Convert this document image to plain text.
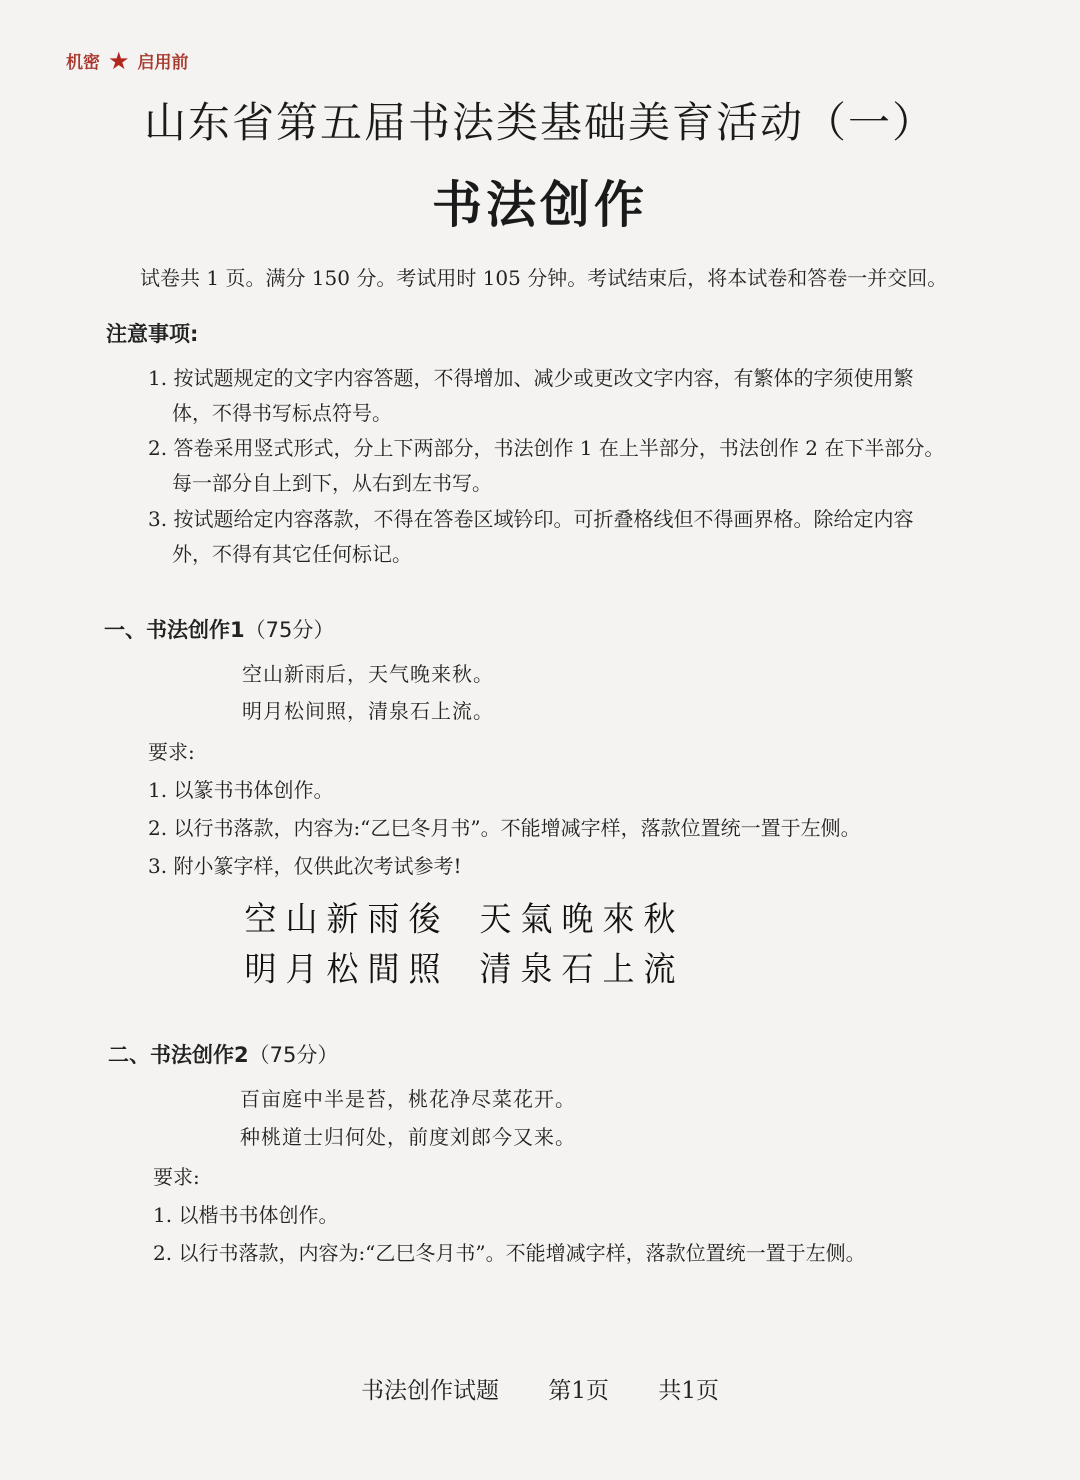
机密 ★ 启用前
山东省第五届书法类基础美育活动（一）
书法创作
试卷共 1 页。满分 150 分。考试用时 105 分钟。考试结束后，将本试卷和答卷一并交回。
注意事项:
1. 按试题规定的文字内容答题，不得增加、减少或更改文字内容，有繁体的字须使用繁
体，不得书写标点符号。
2. 答卷采用竖式形式，分上下两部分，书法创作 1 在上半部分，书法创作 2 在下半部分。
每一部分自上到下，从右到左书写。
3. 按试题给定内容落款，不得在答卷区域钤印。可折叠格线但不得画界格。除给定内容
外，不得有其它任何标记。
一、书法创作1（75分）
空山新雨后，天气晚来秋。
明月松间照，清泉石上流。
要求:
1. 以篆书书体创作。
2. 以行书落款，内容为:“乙巳冬月书”。不能增减字样，落款位置统一置于左侧。
3. 附小篆字样，仅供此次考试参考!
空 山 新 雨 後 天 氣 晚 來 秋
明 月 松 間 照 清 泉 石 上 流
二、书法创作2（75分）
百亩庭中半是苔，桃花净尽菜花开。
种桃道士归何处，前度刘郎今又来。
要求:
1. 以楷书书体创作。
2. 以行书落款，内容为:“乙巳冬月书”。不能增减字样，落款位置统一置于左侧。
书法创作试题 第1页 共1页
